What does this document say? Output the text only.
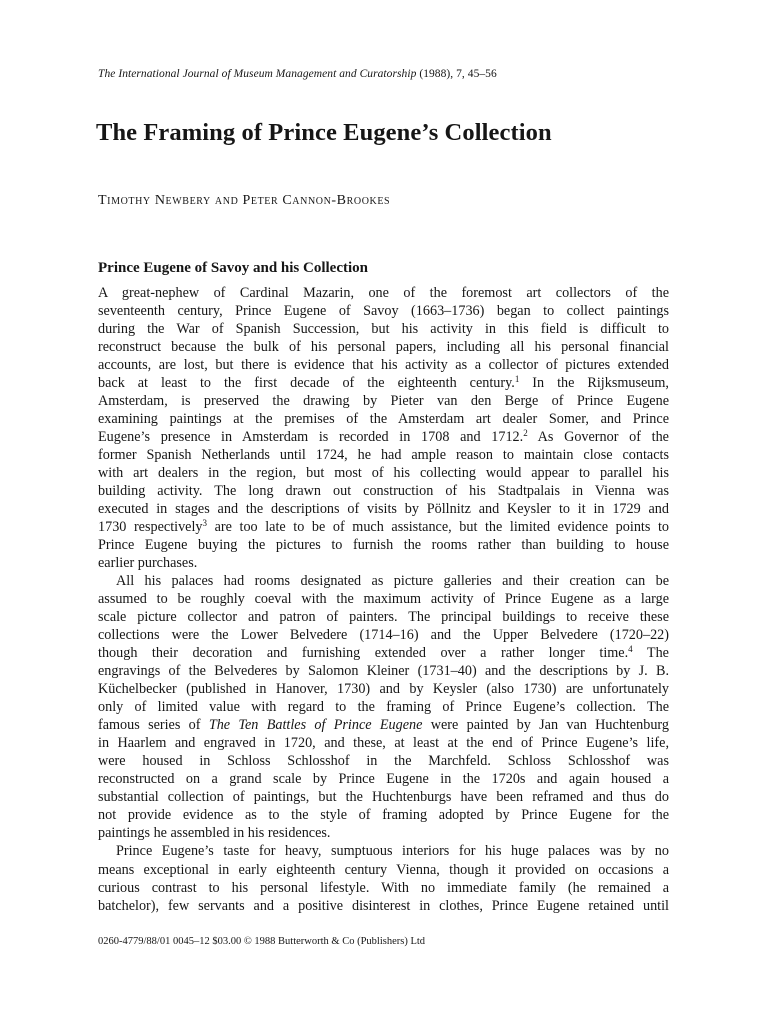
The International Journal of Museum Management and Curatorship (1988), 7, 45–56
The Framing of Prince Eugene’s Collection
Timothy Newbery and Peter Cannon-Brookes
Prince Eugene of Savoy and his Collection
A great-nephew of Cardinal Mazarin, one of the foremost art collectors of the
seventeenth century, Prince Eugene of Savoy (1663–1736) began to collect paintings
during the War of Spanish Succession, but his activity in this field is difficult to
reconstruct because the bulk of his personal papers, including all his personal financial
accounts, are lost, but there is evidence that his activity as a collector of pictures extended
back at least to the first decade of the eighteenth century.$^1$ In the Rijksmuseum,
Amsterdam, is preserved the drawing by Pieter van den Berge of Prince Eugene
examining paintings at the premises of the Amsterdam art dealer Somer, and Prince
Eugene’s presence in Amsterdam is recorded in 1708 and 1712.$^2$ As Governor of the
former Spanish Netherlands until 1724, he had ample reason to maintain close contacts
with art dealers in the region, but most of his collecting would appear to parallel his
building activity. The long drawn out construction of his Stadtpalais in Vienna was
executed in stages and the descriptions of visits by Pöllnitz and Keysler to it in 1729 and
1730 respectively$^3$ are too late to be of much assistance, but the limited evidence points to
Prince Eugene buying the pictures to furnish the rooms rather than building to house
earlier purchases.
All his palaces had rooms designated as picture galleries and their creation can be
assumed to be roughly coeval with the maximum activity of Prince Eugene as a large
scale picture collector and patron of painters. The principal buildings to receive these
collections were the Lower Belvedere (1714–16) and the Upper Belvedere (1720–22)
though their decoration and furnishing extended over a rather longer time.$^4$ The
engravings of the Belvederes by Salomon Kleiner (1731–40) and the descriptions by J. B.
Küchelbecker (published in Hanover, 1730) and by Keysler (also 1730) are unfortunately
only of limited value with regard to the framing of Prince Eugene’s collection. The
famous series of The Ten Battles of Prince Eugene were painted by Jan van Huchtenburg
in Haarlem and engraved in 1720, and these, at least at the end of Prince Eugene’s life,
were housed in Schloss Schlosshof in the Marchfeld. Schloss Schlosshof was
reconstructed on a grand scale by Prince Eugene in the 1720s and again housed a
substantial collection of paintings, but the Huchtenburgs have been reframed and thus do
not provide evidence as to the style of framing adopted by Prince Eugene for the
paintings he assembled in his residences.
Prince Eugene’s taste for heavy, sumptuous interiors for his huge palaces was by no
means exceptional in early eighteenth century Vienna, though it provided on occasions a
curious contrast to his personal lifestyle. With no immediate family (he remained a
batchelor), few servants and a positive disinterest in clothes, Prince Eugene retained until
0260-4779/88/01 0045–12 $03.00 © 1988 Butterworth & Co (Publishers) Ltd
